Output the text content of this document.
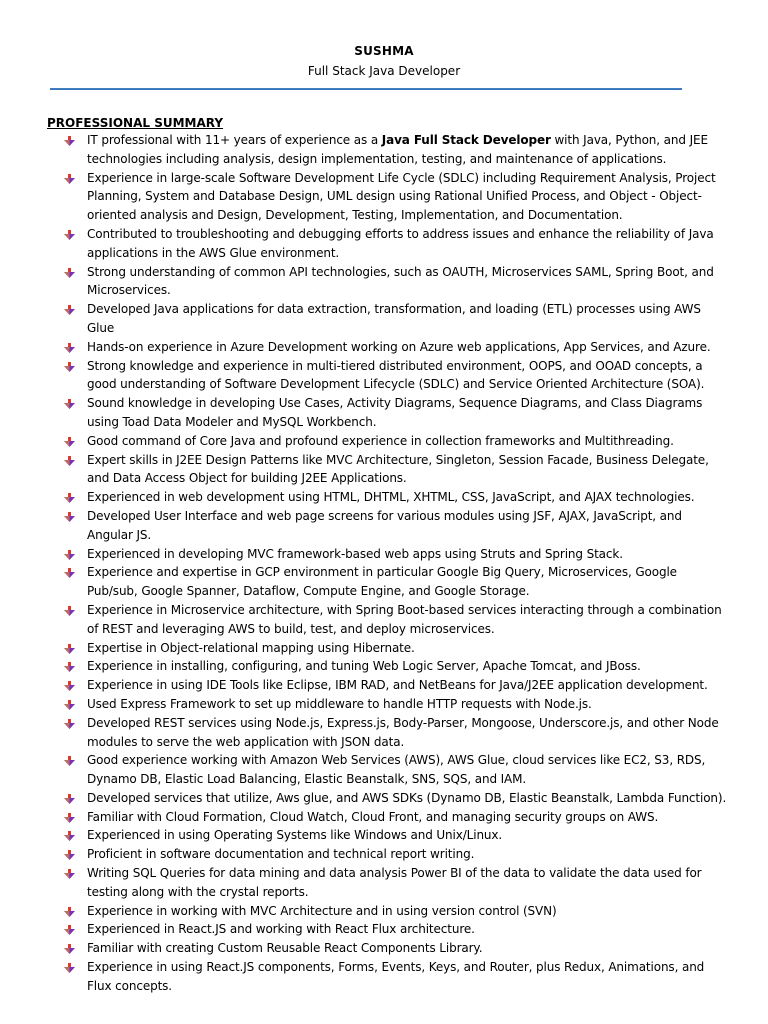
SUSHMA
Full Stack Java Developer
PROFESSIONAL SUMMARY
IT professional with 11+ years of experience as a Java Full Stack Developer with Java, Python, and JEE technologies including analysis, design implementation, testing, and maintenance of applications.
Experience in large-scale Software Development Life Cycle (SDLC) including Requirement Analysis, Project Planning, System and Database Design, UML design using Rational Unified Process, and Object - Object-oriented analysis and Design, Development, Testing, Implementation, and Documentation.
Contributed to troubleshooting and debugging efforts to address issues and enhance the reliability of Java applications in the AWS Glue environment.
Strong understanding of common API technologies, such as OAUTH, Microservices SAML, Spring Boot, and Microservices.
Developed Java applications for data extraction, transformation, and loading (ETL) processes using AWS Glue
Hands-on experience in Azure Development working on Azure web applications, App Services, and Azure.
Strong knowledge and experience in multi-tiered distributed environment, OOPS, and OOAD concepts, a good understanding of Software Development Lifecycle (SDLC) and Service Oriented Architecture (SOA).
Sound knowledge in developing Use Cases, Activity Diagrams, Sequence Diagrams, and Class Diagrams using Toad Data Modeler and MySQL Workbench.
Good command of Core Java and profound experience in collection frameworks and Multithreading.
Expert skills in J2EE Design Patterns like MVC Architecture, Singleton, Session Facade, Business Delegate, and Data Access Object for building J2EE Applications.
Experienced in web development using HTML, DHTML, XHTML, CSS, JavaScript, and AJAX technologies.
Developed User Interface and web page screens for various modules using JSF, AJAX, JavaScript, and Angular JS.
Experienced in developing MVC framework-based web apps using Struts and Spring Stack.
Experience and expertise in GCP environment in particular Google Big Query, Microservices, Google Pub/sub, Google Spanner, Dataflow, Compute Engine, and Google Storage.
Experience in Microservice architecture, with Spring Boot-based services interacting through a combination of REST and leveraging AWS to build, test, and deploy microservices.
Expertise in Object-relational mapping using Hibernate.
Experience in installing, configuring, and tuning Web Logic Server, Apache Tomcat, and JBoss.
Experience in using IDE Tools like Eclipse, IBM RAD, and NetBeans for Java/J2EE application development.
Used Express Framework to set up middleware to handle HTTP requests with Node.js.
Developed REST services using Node.js, Express.js, Body-Parser, Mongoose, Underscore.js, and other Node modules to serve the web application with JSON data.
Good experience working with Amazon Web Services (AWS), AWS Glue, cloud services like EC2, S3, RDS, Dynamo DB, Elastic Load Balancing, Elastic Beanstalk, SNS, SQS, and IAM.
Developed services that utilize, Aws glue, and AWS SDKs (Dynamo DB, Elastic Beanstalk, Lambda Function).
Familiar with Cloud Formation, Cloud Watch, Cloud Front, and managing security groups on AWS.
Experienced in using Operating Systems like Windows and Unix/Linux.
Proficient in software documentation and technical report writing.
Writing SQL Queries for data mining and data analysis Power BI of the data to validate the data used for testing along with the crystal reports.
Experience in working with MVC Architecture and in using version control (SVN)
Experienced in React.JS and working with React Flux architecture.
Familiar with creating Custom Reusable React Components Library.
Experience in using React.JS components, Forms, Events, Keys, and Router, plus Redux, Animations, and Flux concepts.
